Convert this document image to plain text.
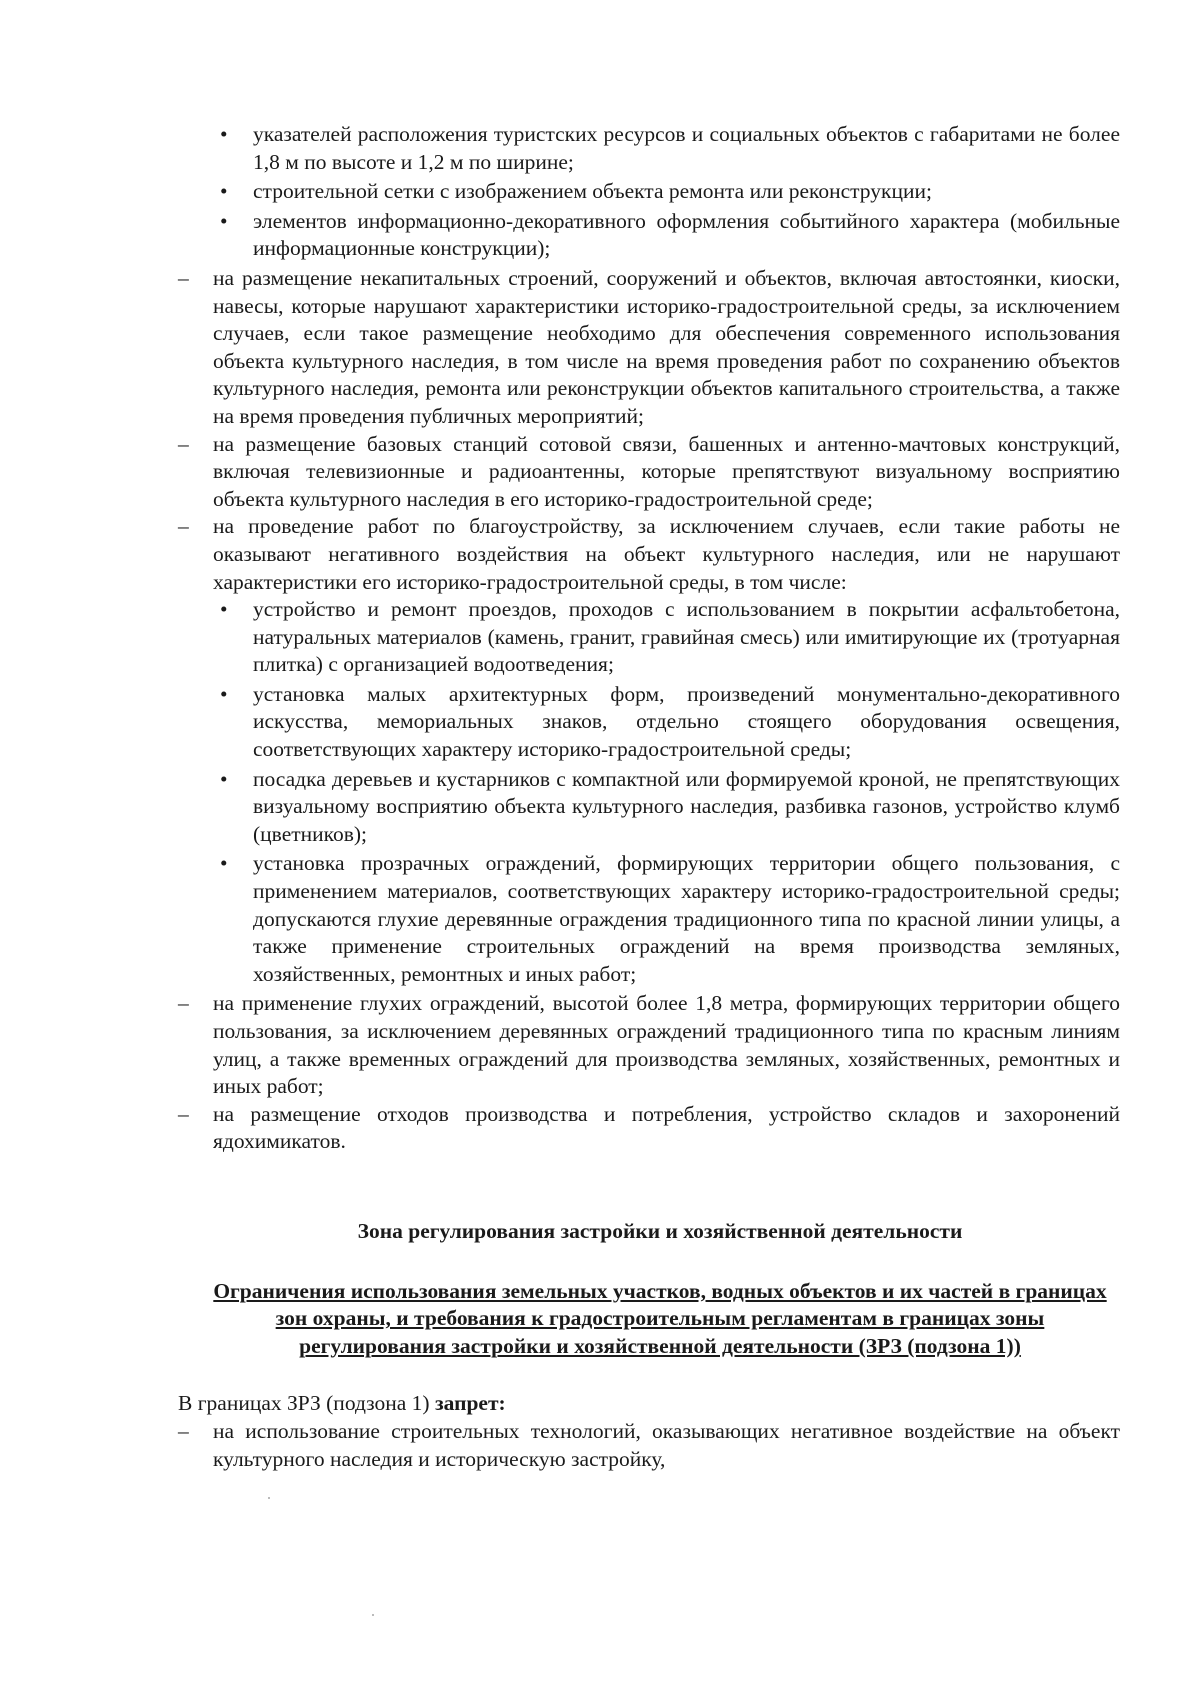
•	указателей расположения туристских ресурсов и социальных объектов с габаритами не более 1,8 м по высоте и 1,2 м по ширине;
•	строительной сетки с изображением объекта ремонта или реконструкции;
•	элементов информационно-декоративного оформления событийного характера (мобильные информационные конструкции);
– на размещение некапитальных строений, сооружений и объектов, включая автостоянки, киоски, навесы, которые нарушают характеристики историко-градостроительной среды, за исключением случаев, если такое размещение необходимо для обеспечения современного использования объекта культурного наследия, в том числе на время проведения работ по сохранению объектов культурного наследия, ремонта или реконструкции объектов капитального строительства, а также на время проведения публичных мероприятий;
– на размещение базовых станций сотовой связи, башенных и антенно-мачтовых конструкций, включая телевизионные и радиоантенны, которые препятствуют визуальному восприятию объекта культурного наследия в его историко-градостроительной среде;
– на проведение работ по благоустройству, за исключением случаев, если такие работы не оказывают негативного воздействия на объект культурного наследия, или не нарушают характеристики его историко-градостроительной среды, в том числе:
•	устройство и ремонт проездов, проходов с использованием в покрытии асфальтобетона, натуральных материалов (камень, гранит, гравийная смесь) или имитирующие их (тротуарная плитка) с организацией водоотведения;
•	установка малых архитектурных форм, произведений монументально-декоративного искусства, мемориальных знаков, отдельно стоящего оборудования освещения, соответствующих характеру историко-градостроительной среды;
•	посадка деревьев и кустарников с компактной или формируемой кроной, не препятствующих визуальному восприятию объекта культурного наследия, разбивка газонов, устройство клумб (цветников);
•	установка прозрачных ограждений, формирующих территории общего пользования, с применением материалов, соответствующих характеру историко-градостроительной среды; допускаются глухие деревянные ограждения традиционного типа по красной линии улицы, а также применение строительных ограждений на время производства земляных, хозяйственных, ремонтных и иных работ;
– на применение глухих ограждений, высотой более 1,8 метра, формирующих территории общего пользования, за исключением деревянных ограждений традиционного типа по красным линиям улиц, а также временных ограждений для производства земляных, хозяйственных, ремонтных и иных работ;
– на размещение отходов производства и потребления, устройство складов и захоронений ядохимикатов.
Зона регулирования застройки и хозяйственной деятельности
Ограничения использования земельных участков, водных объектов и их частей в границах зон охраны, и требования к градостроительным регламентам в границах зоны регулирования застройки и хозяйственной деятельности (ЗРЗ (подзона 1))
В границах ЗРЗ (подзона 1) запрет:
– на использование строительных технологий, оказывающих негативное воздействие на объект культурного наследия и историческую застройку,
